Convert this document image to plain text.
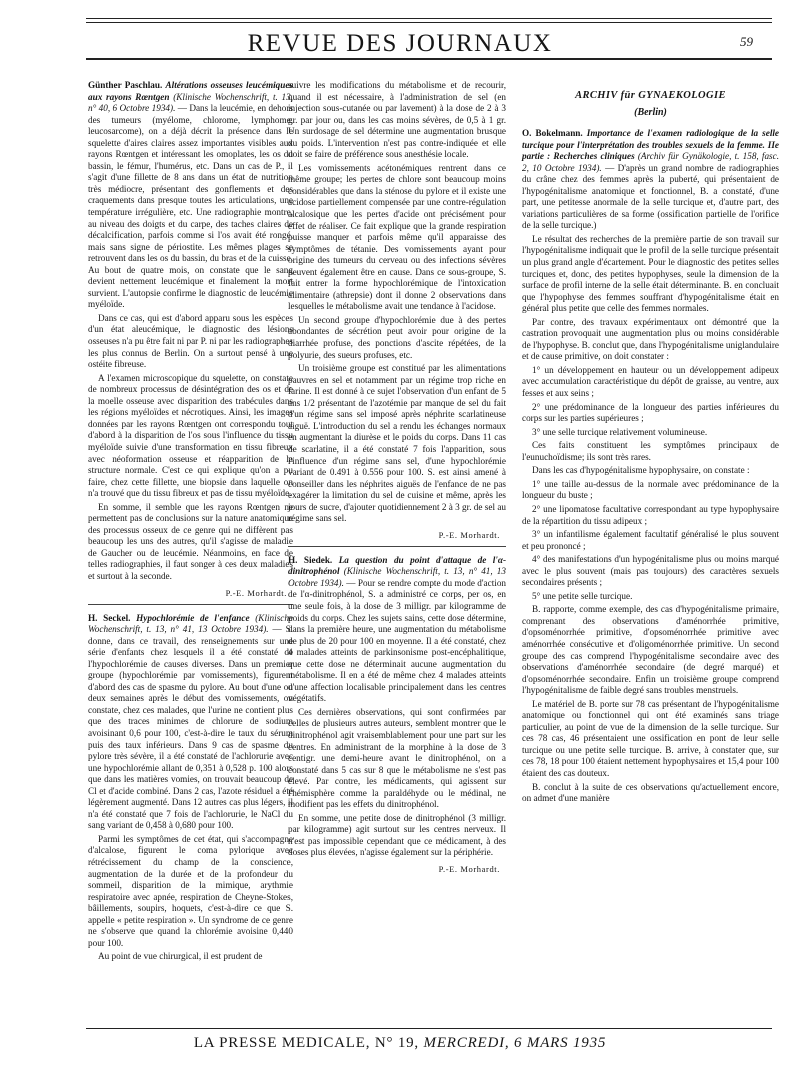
REVUE DES JOURNAUX	59

Günther Paschlau. Altérations osseuses leucémiques aux rayons Rœntgen (Klinische Wochenschrift, t. 13, n° 40, 6 Octobre 1934). — Dans la leucémie, en dehors des tumeurs (myélome, chlorome, lymphome, leucosarcome), on a déjà décrit la présence dans le squelette d'aires claires assez importantes visibles aux rayons Rœntgen et intéressant les omoplates, les os du bassin, le fémur, l'humérus, etc. Dans un cas de P., il s'agit d'une fillette de 8 ans dans un état de nutrition très médiocre, présentant des gonflements et des craquements dans presque toutes les articulations, une température irrégulière, etc. Une radiographie montre, au niveau des doigts et du carpe, des taches claires de décalcification, parfois comme si l'os avait été rongé, mais sans signe de périostite. Les mêmes plages se retrouvent dans les os du bassin, du bras et de la cuisse. Au bout de quatre mois, on constate que le sang devient nettement leucémique et finalement la mort survient. L'autopsie confirme le diagnostic de leucémie myéloïde.

Dans ce cas, qui est d'abord apparu sous les espèces d'un état aleucémique, le diagnostic des lésions osseuses n'a pu être fait ni par P. ni par les radiographes les plus connus de Berlin. On a surtout pensé à une ostéite fibreuse.

A l'examen microscopique du squelette, on constate de nombreux processus de désintégration des os et de la moelle osseuse avec disparition des trabécules dans les régions myéloïdes et nécrotiques. Ainsi, les images données par les rayons Rœntgen ont correspondu tout d'abord à la disparition de l'os sous l'influence du tissu myéloïde suivie d'une transformation en tissu fibreux avec néoformation osseuse et réapparition de la structure normale. C'est ce qui explique qu'on a pu faire, chez cette fillette, une biopsie dans laquelle on n'a trouvé que du tissu fibreux et pas de tissu myéloïde.

En somme, il semble que les rayons Rœntgen ne permettent pas de conclusions sur la nature anatomique des processus osseux de ce genre qui ne diffèrent pas beaucoup les uns des autres, qu'il s'agisse de maladie de Gaucher ou de leucémie. Néanmoins, en face de telles radiographies, il faut songer à ces deux maladies et surtout à la seconde.

P.-E. Morhardt.

H. Seckel. Hypochlorémie de l'enfance (Klinische Wochenschrift, t. 13, n° 41, 13 Octobre 1934). — S. donne, dans ce travail, des renseignements sur une série d'enfants chez lesquels il a été constaté de l'hypochlorémie de causes diverses. Dans un premier groupe (hypochlorémie par vomissements), figurent d'abord des cas de spasme du pylore. Au bout d'une ou deux semaines après le début des vomissements, on constate, chez ces malades, que l'urine ne contient plus que des traces minimes de chlorure de sodium avoisinant 0,6 pour 100, c'est-à-dire le taux du sérum puis des taux inférieurs. Dans 9 cas de spasme du pylore très sévère, il a été constaté de l'achlorurie avec une hypochlorémie allant de 0,351 à 0,528 p. 100 alors que dans les matières vomies, on trouvait beaucoup de Cl et d'acide combiné. Dans 2 cas, l'azote résiduel a été légèrement augmenté. Dans 12 autres cas plus légers, il n'a été constaté que 7 fois de l'achlorurie, le NaCl du sang variant de 0,458 à 0,680 pour 100.

Parmi les symptômes de cet état, qui s'accompagne d'alcalose, figurent le coma pylorique avec rétrécissement du champ de la conscience, augmentation de la durée et de la profondeur du sommeil, disparition de la mimique, arythmie respiratoire avec apnée, respiration de Cheyne-Stokes, bâillements, soupirs, hoquets, c'est-à-dire ce que S. appelle « petite respiration ». Un syndrome de ce genre ne s'observe que quand la chlorémie avoisine 0,440 pour 100.

Au point de vue chirurgical, il est prudent de

suivre les modifications du métabolisme et de recourir, quand il est nécessaire, à l'administration de sel (en injection sous-cutanée ou par lavement) à la dose de 2 à 3 gr. par jour ou, dans les cas moins sévères, de 0,5 à 1 gr. Un surdosage de sel détermine une augmentation brusque du poids. L'intervention n'est pas contre-indiquée et elle doit se faire de préférence sous anesthésie locale.

Les vomissements acétonémiques rentrent dans ce même groupe; les pertes de chlore sont beaucoup moins considérables que dans la sténose du pylore et il existe une acidose partiellement compensée par une contre-régulation alcalosique que les pertes d'acide ont précisément pour effet de réaliser. Ce fait explique que la grande respiration puisse manquer et parfois même qu'il apparaisse des symptômes de tétanie. Des vomissements ayant pour origine des tumeurs du cerveau ou des infections sévères peuvent également être en cause. Dans ce sous-groupe, S. fait entrer la forme hypochlorémique de l'intoxication alimentaire (athrepsie) dont il donne 2 observations dans lesquelles le métabolisme avait une tendance à l'acidose.

Un second groupe d'hypochlorémie due à des pertes abondantes de sécrétion peut avoir pour origine de la diarrhée profuse, des ponctions d'ascite répétées, de la polyurie, des sueurs profuses, etc.

Un troisième groupe est constitué par les alimentations pauvres en sel et notamment par un régime trop riche en farine. Il est donné à ce sujet l'observation d'un enfant de 5 ans 1/2 présentant de l'azotémie par manque de sel du fait d'un régime sans sel imposé après néphrite scarlatineuse aiguë. L'introduction du sel a rendu les échanges normaux en augmentant la diurèse et le poids du corps. Dans 11 cas de scarlatine, il a été constaté 7 fois l'apparition, sous l'influence d'un régime sans sel, d'une hypochlorémie variant de 0.491 à 0.556 pour 100. S. est ainsi amené à conseiller dans les néphrites aiguës de l'enfance de ne pas exagérer la limitation du sel de cuisine et même, après les jours de sucre, d'ajouter quotidiennement 2 à 3 gr. de sel au régime sans sel.

P.-E. Morhardt.

H. Siedek. La question du point d'attaque de l'α-dinitrophénol (Klinische Wochenschrift, t. 13, n° 41, 13 Octobre 1934). — Pour se rendre compte du mode d'action de l'α-dinitrophénol, S. a administré ce corps, per os, en une seule fois, à la dose de 3 milligr. par kilogramme de poids du corps. Chez les sujets sains, cette dose détermine, dans la première heure, une augmentation du métabolisme de plus de 20 pour 100 en moyenne. Il a été constaté, chez 4 malades atteints de parkinsonisme post-encéphalitique, que cette dose ne déterminait aucune augmentation du métabolisme. Il en a été de même chez 4 malades atteints d'une affection localisable principalement dans les centres végétatifs.

Ces dernières observations, qui sont confirmées par celles de plusieurs autres auteurs, semblent montrer que le dinitrophénol agit vraisemblablement pour une part sur les centres. En administrant de la morphine à la dose de 3 centigr. une demi-heure avant le dinitrophénol, on a constaté dans 5 cas sur 8 que le métabolisme ne s'est pas élevé. Par contre, les médicaments, qui agissent sur l'hémisphère comme la paraldéhyde ou le médinal, ne modifient pas les effets du dinitrophénol.

En somme, une petite dose de dinitrophénol (3 milligr. par kilogramme) agit surtout sur les centres nerveux. Il n'est pas impossible cependant que ce médicament, à des doses plus élevées, n'agisse également sur la périphérie.

P.-E. Morhardt.
ARCHIV für GYNAEKOLOGIE
(Berlin)

O. Bokelmann. Importance de l'examen radiologique de la selle turcique pour l'interprétation des troubles sexuels de la femme. IIe partie : Recherches cliniques (Archiv für Gynäkologie, t. 158, fasc. 2, 10 Octobre 1934). — D'après un grand nombre de radiographies du crâne chez des femmes après la puberté, qui présentaient de l'hypogénitalisme anatomique et fonctionnel, B. a constaté, d'une part, une petitesse anormale de la selle turcique et, d'autre part, des variations particulières de sa forme (ossification partielle de l'orifice de la selle turcique.)

Le résultat des recherches de la première partie de son travail sur l'hypogénitalisme indiquait que le profil de la selle turcique présentait un plus grand angle d'écartement. Pour le diagnostic des petites selles turciques et, donc, des petites hypophyses, seule la dimension de la surface de profil interne de la selle était déterminante. B. en concluait que l'hypophyse des femmes souffrant d'hypogénitalisme était en général plus petite que celle des femmes normales.

Par contre, des travaux expérimentaux ont démontré que la castration provoquait une augmentation plus ou moins considérable de l'hypophyse. B. conclut que, dans l'hypogénitalisme uniglandulaire et de cause primitive, on doit constater :

1° un développement en hauteur ou un développement adipeux avec accumulation caractéristique du dépôt de graisse, au ventre, aux fesses et aux seins ;

2° une prédominance de la longueur des parties inférieures du corps sur les parties supérieures ;

3° une selle turcique relativement volumineuse.

Ces faits constituent les symptômes principaux de l'eunuchoïdisme; ils sont très rares.

Dans les cas d'hypogénitalisme hypophysaire, on constate :

1° une taille au-dessus de la normale avec prédominance de la longueur du buste ;

2° une lipomatose facultative correspondant au type hypophysaire de la répartition du tissu adipeux ;

3° un infantilisme également facultatif généralisé le plus souvent et peu prononcé ;

4° des manifestations d'un hypogénitalisme plus ou moins marqué avec le plus souvent (mais pas toujours) des caractères sexuels secondaires présents ;

5° une petite selle turcique.

B. rapporte, comme exemple, des cas d'hypogénitalisme primaire, comprenant des observations d'aménorrhée primitive, d'opsoménorrhée primitive, d'opsoménorrhée primitive avec aménorrhée consécutive et d'oligoménorrhée primitive. Un second groupe des cas comprend l'hypogénitalisme secondaire avec des observations d'aménorrhée secondaire (de degré marqué) et d'opsoménorrhée secondaire. Enfin un troisième groupe comprend l'hypogénitalisme de faible degré sans troubles menstruels.

Le matériel de B. porte sur 78 cas présentant de l'hypogénitalisme anatomique ou fonctionnel qui ont été examinés sans triage particulier, au point de vue de la dimension de la selle turcique. Sur ces 78 cas, 46 présentaient une ossification en pont de leur selle turcique ou une petite selle turcique. B. arrive, à constater que, sur ces 78, 18 pour 100 étaient nettement hypophysaires et 15,4 pour 100 étaient des cas douteux.

B. conclut à la suite de ces observations qu'actuellement encore, on admet d'une manière

LA PRESSE MEDICALE, N° 19, MERCREDI, 6 MARS 1935
